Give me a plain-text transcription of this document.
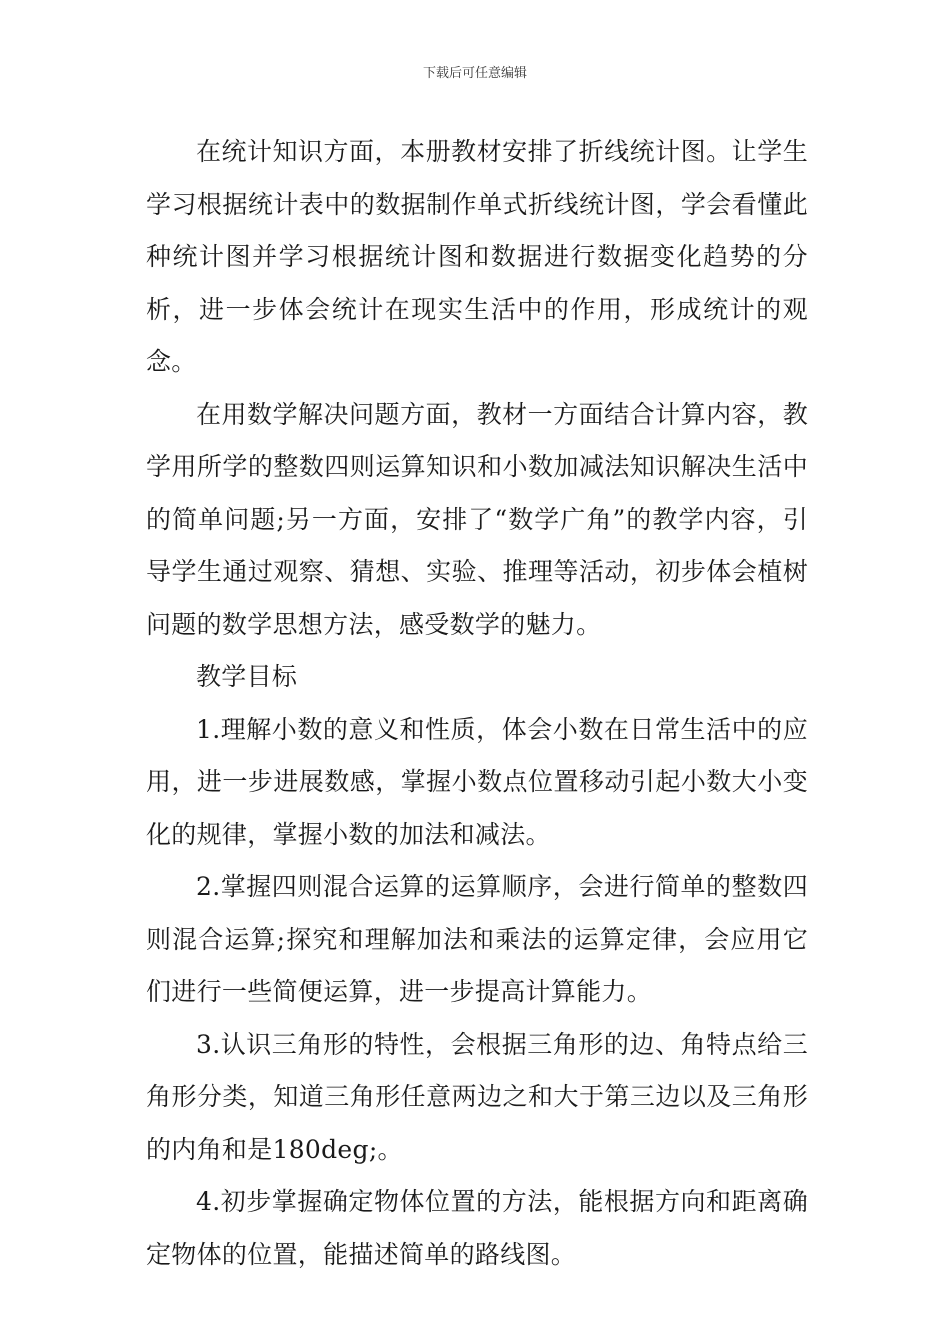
下载后可任意编辑

在统计知识方面，本册教材安排了折线统计图。让学生学习根据统计表中的数据制作单式折线统计图，学会看懂此种统计图并学习根据统计图和数据进行数据变化趋势的分析，进一步体会统计在现实生活中的作用，形成统计的观念。

在用数学解决问题方面，教材一方面结合计算内容，教学用所学的整数四则运算知识和小数加减法知识解决生活中的简单问题;另一方面，安排了“数学广角”的教学内容，引导学生通过观察、猜想、实验、推理等活动，初步体会植树问题的数学思想方法，感受数学的魅力。

教学目标

1.理解小数的意义和性质，体会小数在日常生活中的应用，进一步进展数感，掌握小数点位置移动引起小数大小变化的规律，掌握小数的加法和减法。

2.掌握四则混合运算的运算顺序，会进行简单的整数四则混合运算;探究和理解加法和乘法的运算定律，会应用它们进行一些简便运算，进一步提高计算能力。

3.认识三角形的特性，会根据三角形的边、角特点给三角形分类，知道三角形任意两边之和大于第三边以及三角形的内角和是180deg;。

4.初步掌握确定物体位置的方法，能根据方向和距离确定物体的位置，能描述简单的路线图。
